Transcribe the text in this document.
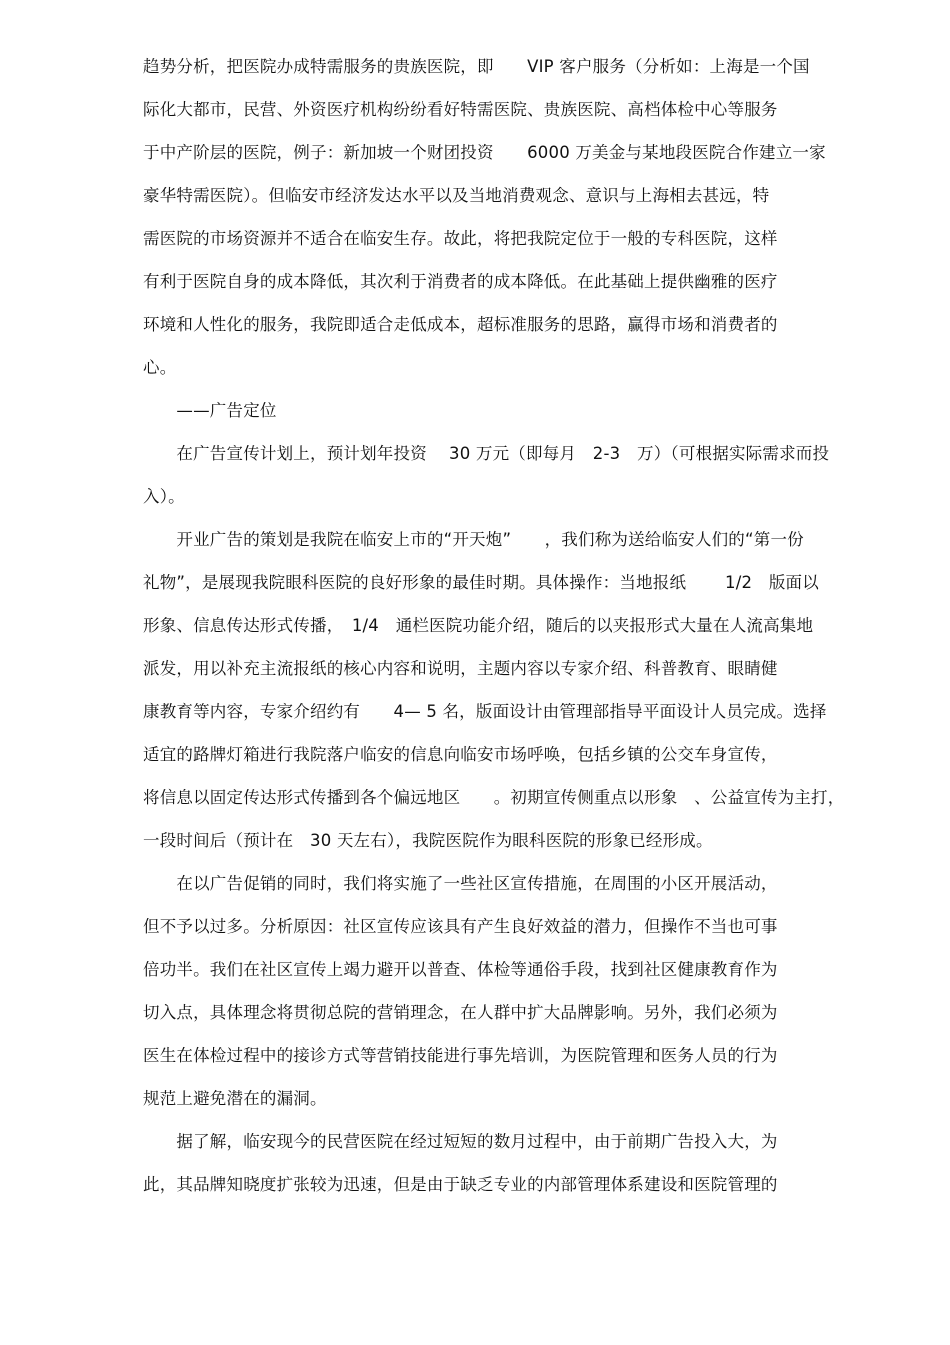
趋势分析，把医院办成特需服务的贵族医院，即　　VIP 客户服务（分析如：上海是一个国
际化大都市，民营、外资医疗机构纷纷看好特需医院、贵族医院、高档体检中心等服务
于中产阶层的医院，例子：新加坡一个财团投资　　6000 万美金与某地段医院合作建立一家
豪华特需医院）。但临安市经济发达水平以及当地消费观念、意识与上海相去甚远，特
需医院的市场资源并不适合在临安生存。故此，将把我院定位于一般的专科医院，这样
有利于医院自身的成本降低，其次利于消费者的成本降低。在此基础上提供幽雅的医疗
环境和人性化的服务，我院即适合走低成本，超标准服务的思路，赢得市场和消费者的
心。
　　——广告定位
　　在广告宣传计划上，预计划年投资　 30 万元（即每月　2-3　万）（可根据实际需求而投
入）。
　　开业广告的策划是我院在临安上市的“开天炮”　　，我们称为送给临安人们的“第一份
礼物”，是展现我院眼科医院的良好形象的最佳时期。具体操作：当地报纸　　 1/2　版面以
形象、信息传达形式传播，　1/4　通栏医院功能介绍，随后的以夹报形式大量在人流高集地
派发，用以补充主流报纸的核心内容和说明，主题内容以专家介绍、科普教育、眼睛健
康教育等内容，专家介绍约有　　4— 5 名，版面设计由管理部指导平面设计人员完成。选择
适宜的路牌灯箱进行我院落户临安的信息向临安市场呼唤，包括乡镇的公交车身宣传，
将信息以固定传达形式传播到各个偏远地区　　。初期宣传侧重点以形象　、公益宣传为主打，
一段时间后（预计在　30 天左右），我院医院作为眼科医院的形象已经形成。
　　在以广告促销的同时，我们将实施了一些社区宣传措施，在周围的小区开展活动，
但不予以过多。分析原因：社区宣传应该具有产生良好效益的潜力，但操作不当也可事
倍功半。我们在社区宣传上竭力避开以普查、体检等通俗手段，找到社区健康教育作为
切入点，具体理念将贯彻总院的营销理念，在人群中扩大品牌影响。另外，我们必须为
医生在体检过程中的接诊方式等营销技能进行事先培训，为医院管理和医务人员的行为
规范上避免潜在的漏洞。
　　据了解，临安现今的民营医院在经过短短的数月过程中，由于前期广告投入大，为
此，其品牌知晓度扩张较为迅速，但是由于缺乏专业的内部管理体系建设和医院管理的
